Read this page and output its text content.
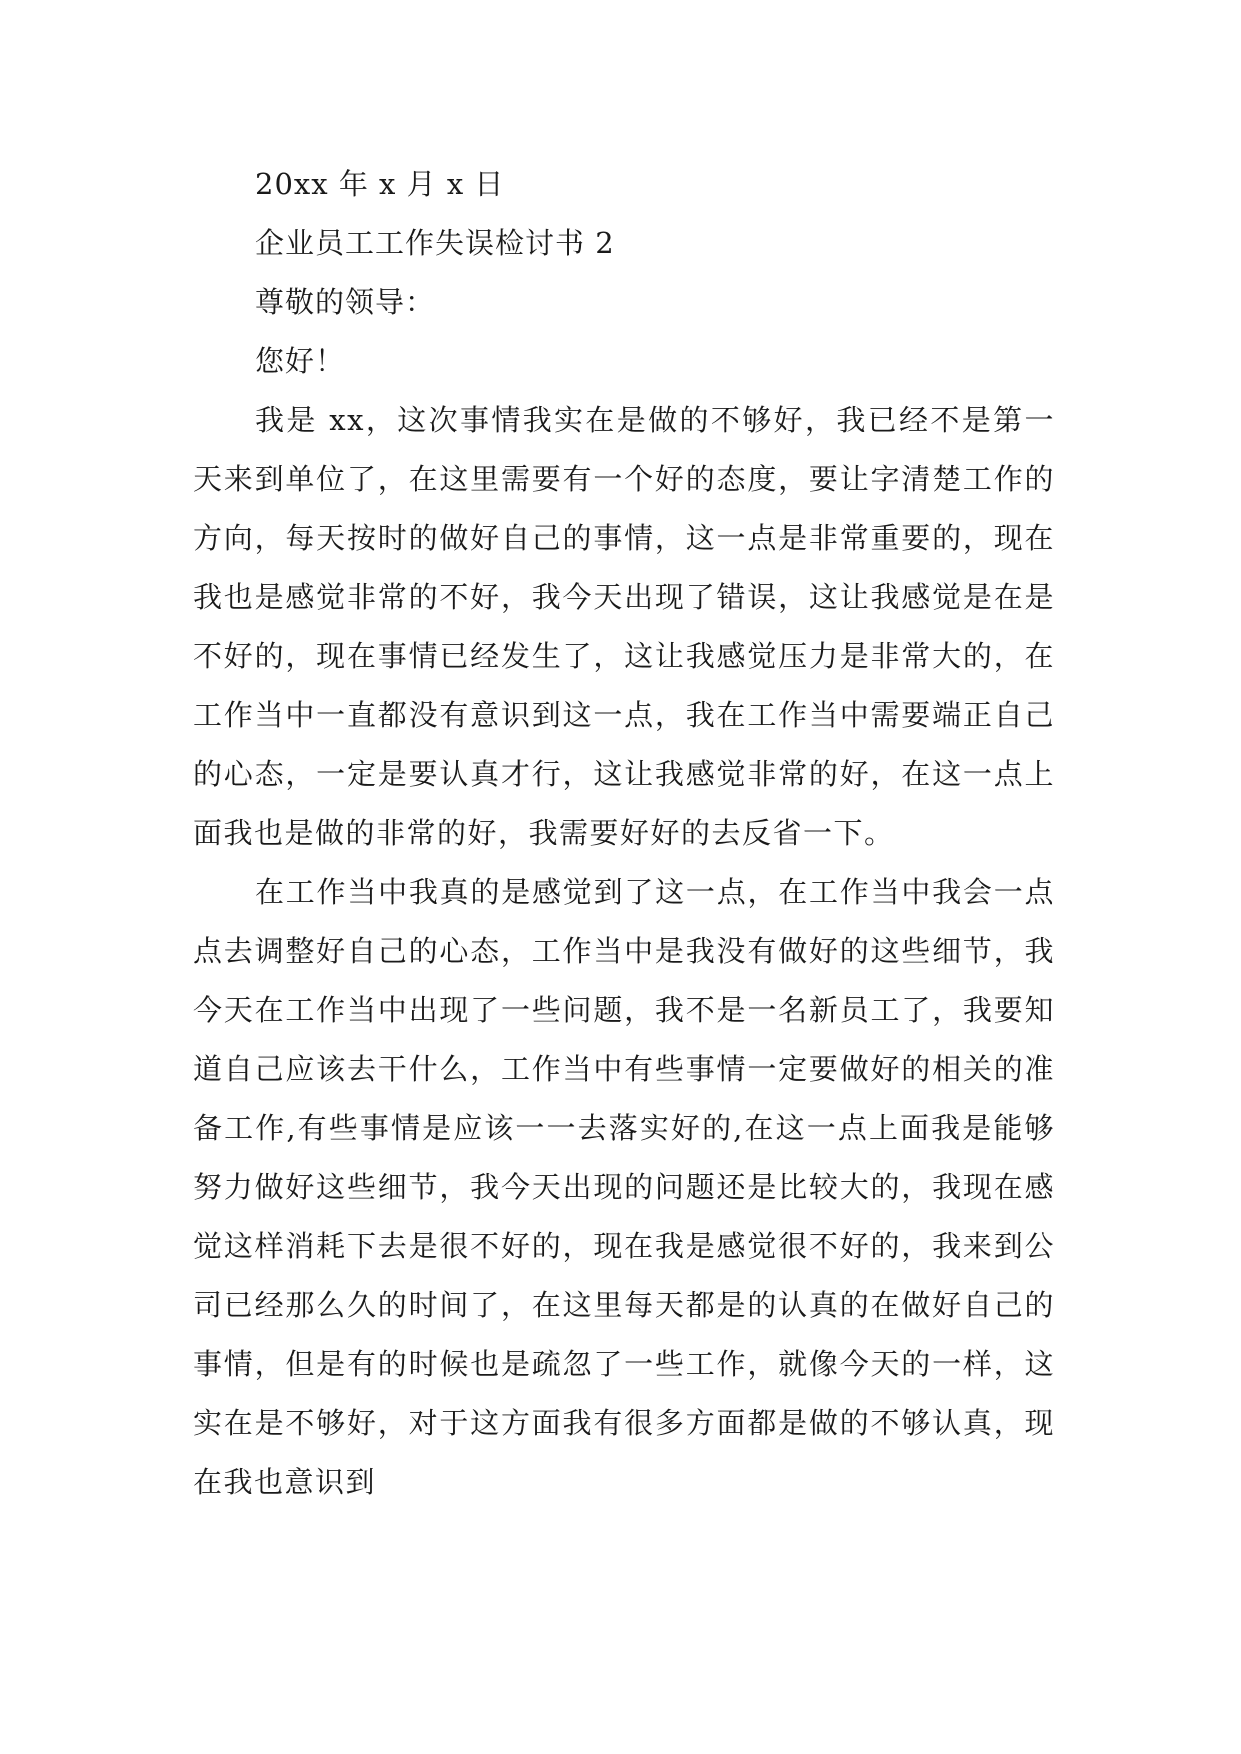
20xx 年 x 月 x 日

企业员工工作失误检讨书 2

尊敬的领导：

您好！

我是 xx，这次事情我实在是做的不够好，我已经不是第一天来到单位了，在这里需要有一个好的态度，要让字清楚工作的方向，每天按时的做好自己的事情，这一点是非常重要的，现在我也是感觉非常的不好，我今天出现了错误，这让我感觉是在是不好的，现在事情已经发生了，这让我感觉压力是非常大的，在工作当中一直都没有意识到这一点，我在工作当中需要端正自己的心态，一定是要认真才行，这让我感觉非常的好，在这一点上面我也是做的非常的好，我需要好好的去反省一下。

在工作当中我真的是感觉到了这一点，在工作当中我会一点点去调整好自己的心态，工作当中是我没有做好的这些细节，我今天在工作当中出现了一些问题，我不是一名新员工了，我要知道自己应该去干什么，工作当中有些事情一定要做好的相关的准备工作,有些事情是应该一一去落实好的,在这一点上面我是能够努力做好这些细节，我今天出现的问题还是比较大的，我现在感觉这样消耗下去是很不好的，现在我是感觉很不好的，我来到公司已经那么久的时间了，在这里每天都是的认真的在做好自己的事情，但是有的时候也是疏忽了一些工作，就像今天的一样，这实在是不够好，对于这方面我有很多方面都是做的不够认真，现在我也意识到
